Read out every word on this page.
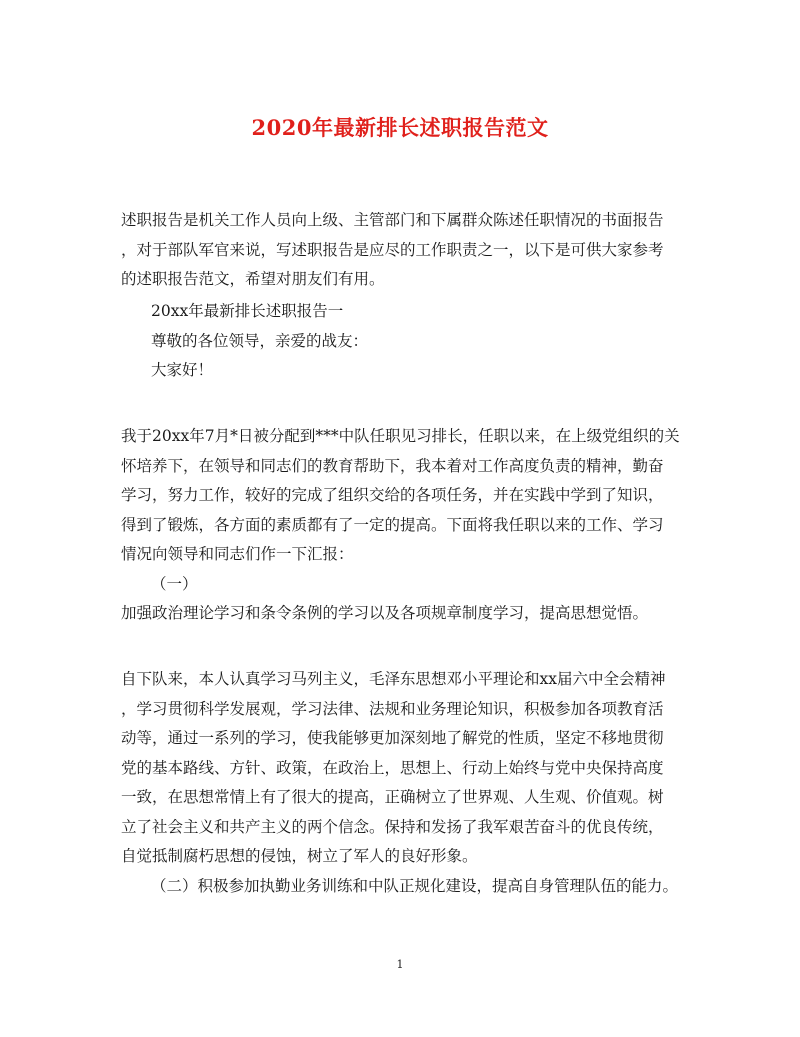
2020年最新排长述职报告范文
述职报告是机关工作人员向上级、主管部门和下属群众陈述任职情况的书面报告
，对于部队军官来说，写述职报告是应尽的工作职责之一，以下是可供大家参考
的述职报告范文，希望对朋友们有用。
20xx年最新排长述职报告一
尊敬的各位领导，亲爱的战友：
大家好！
我于20xx年7月*日被分配到***中队任职见习排长，任职以来，在上级党组织的关
怀培养下，在领导和同志们的教育帮助下，我本着对工作高度负责的精神，勤奋
学习，努力工作，较好的完成了组织交给的各项任务，并在实践中学到了知识，
得到了锻炼，各方面的素质都有了一定的提高。下面将我任职以来的工作、学习
情况向领导和同志们作一下汇报：
（一）
加强政治理论学习和条令条例的学习以及各项规章制度学习，提高思想觉悟。
自下队来，本人认真学习马列主义，毛泽东思想邓小平理论和xx届六中全会精神
，学习贯彻科学发展观，学习法律、法规和业务理论知识，积极参加各项教育活
动等，通过一系列的学习，使我能够更加深刻地了解党的性质，坚定不移地贯彻
党的基本路线、方针、政策，在政治上，思想上、行动上始终与党中央保持高度
一致，在思想常情上有了很大的提高，正确树立了世界观、人生观、价值观。树
立了社会主义和共产主义的两个信念。保持和发扬了我军艰苦奋斗的优良传统，
自觉抵制腐朽思想的侵蚀，树立了军人的良好形象。
（二）积极参加执勤业务训练和中队正规化建设，提高自身管理队伍的能力。
1
